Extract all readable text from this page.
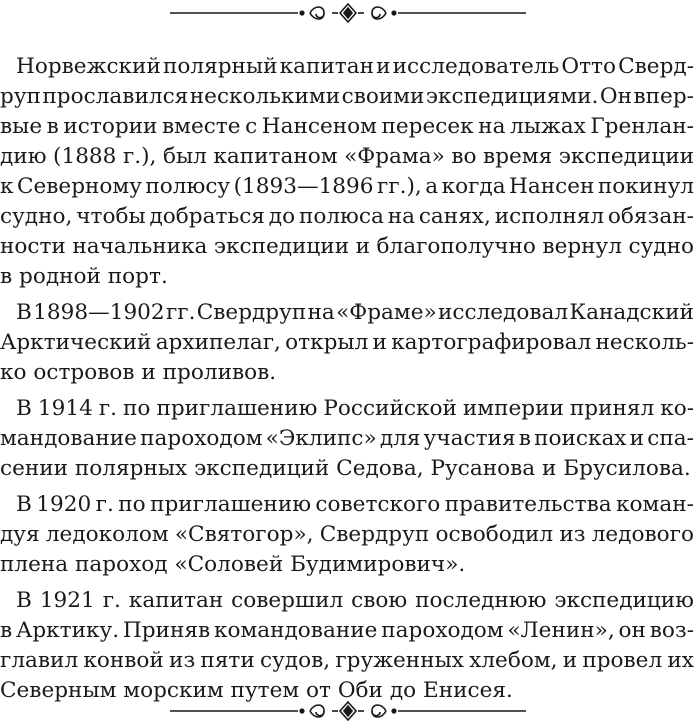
Норвежский полярный капитан и исследователь Отто Сверд-
руп прославился несколькими своими экспедициями. Он впер-
вые в истории вместе с Нансеном пересек на лыжах Гренлан-
дию (1888 г.), был капитаном «Фрама» во время экспедиции
к Северному полюсу (1893—1896 гг.), а когда Нансен покинул
судно, чтобы добраться до полюса на санях, исполнял обязан-
ности начальника экспедиции и благополучно вернул судно
в родной порт.
В 1898—1902 гг. Свердруп на «Фраме» исследовал Канадский
Арктический архипелаг, открыл и картографировал несколь-
ко островов и проливов.
В 1914 г. по приглашению Российской империи принял ко-
мандование пароходом «Эклипс» для участия в поисках и спа-
сении полярных экспедиций Седова, Русанова и Брусилова.
В 1920 г. по приглашению советского правительства коман-
дуя ледоколом «Святогор», Свердруп освободил из ледового
плена пароход «Соловей Будимирович».
В 1921 г. капитан совершил свою последнюю экспедицию
в Арктику. Приняв командование пароходом «Ленин», он воз-
главил конвой из пяти судов, груженных хлебом, и провел их
Северным морским путем от Оби до Енисея.
